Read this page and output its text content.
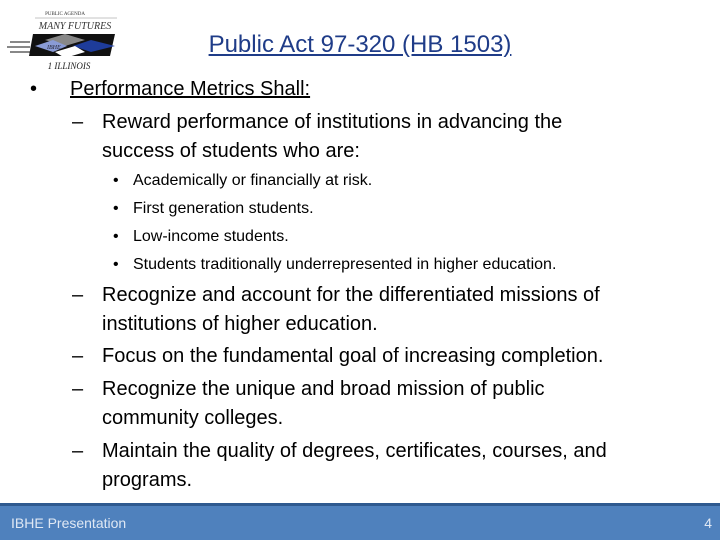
PUBLIC AGENDA
MANY FUTURES
IBHE
1 ILLINOIS
Public Act 97-320 (HB 1503)
• Performance Metrics Shall:
– Reward performance of institutions in advancing the
success of students who are:
• Academically or financially at risk.
• First generation students.
• Low-income students.
• Students traditionally underrepresented in higher education.
– Recognize and account for the differentiated missions of
institutions of higher education.
– Focus on the fundamental goal of increasing completion.
– Recognize the unique and broad mission of public
community colleges.
– Maintain the quality of degrees, certificates, courses, and
programs.
IBHE Presentation	4
